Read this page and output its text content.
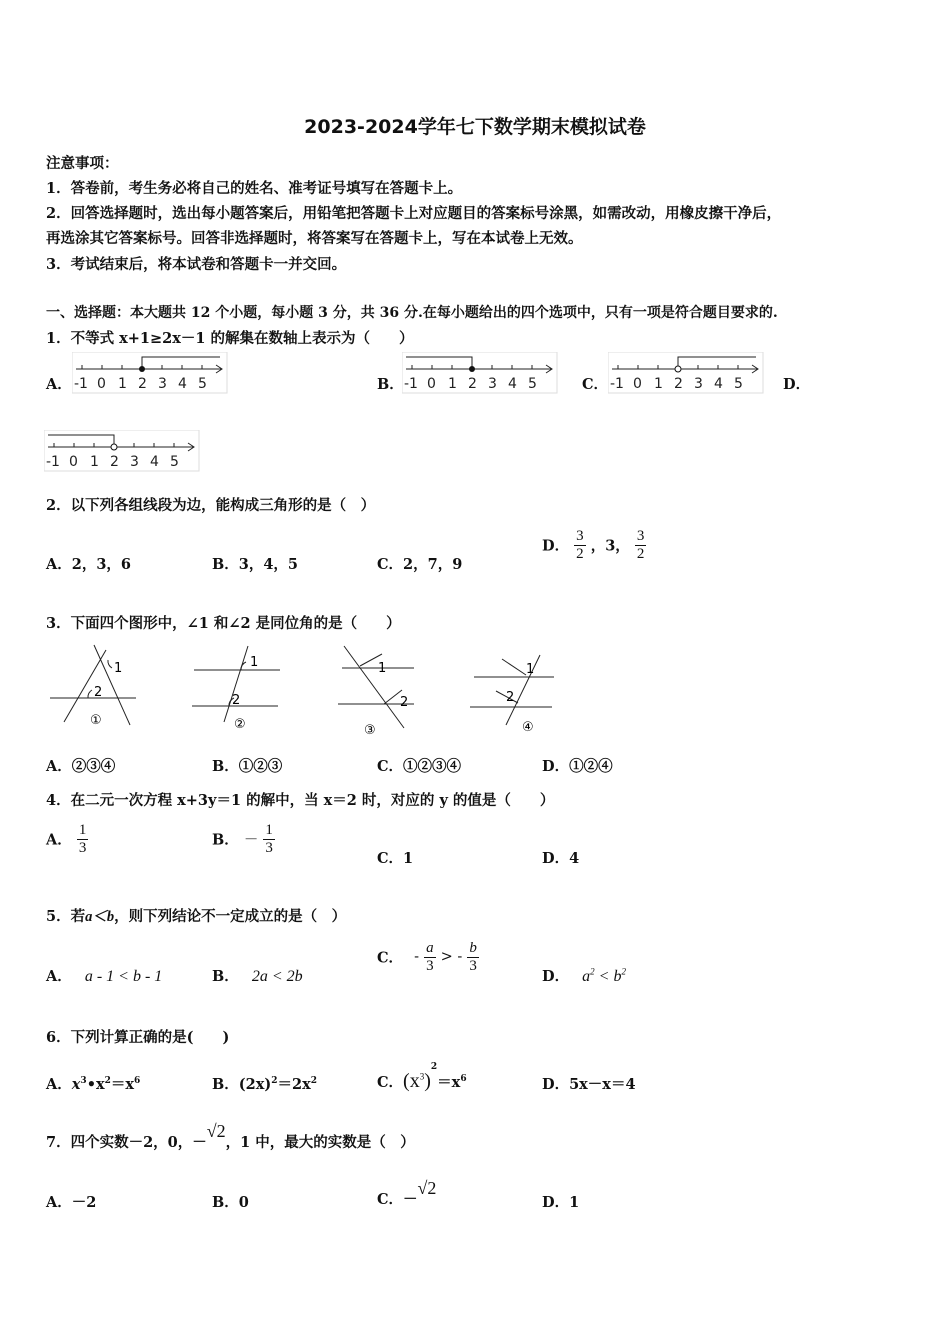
2023-2024学年七下数学期末模拟试卷
注意事项：
1．答卷前，考生务必将自己的姓名、准考证号填写在答题卡上。
2．回答选择题时，选出每小题答案后，用铅笔把答题卡上对应题目的答案标号涂黑，如需改动，用橡皮擦干净后，
再选涂其它答案标号。回答非选择题时，将答案写在答题卡上，写在本试卷上无效。
3．考试结束后，将本试卷和答题卡一并交回。
一、选择题：本大题共 12 个小题，每小题 3 分，共 36 分.在每小题给出的四个选项中，只有一项是符合题目要求的.
1．不等式 x+1≥2x－1 的解集在数轴上表示为（　　）
A． -1 0 1 2 3 4 5	B． -1 0 1 2 3 4 5	C． -1 0 1 2 3 4 5	D．
-1 0 1 2 3 4 5
2．以下列各组线段为边，能构成三角形的是（　）
A．2，3，6	B．3，4，5	C．2，7，9
D． $\frac{3}{2}$ ，3， $\frac{3}{2}$
3．下面四个图形中，∠1 和∠2 是同位角的是（　　）
1
2
①
1
2
②
1
2
③
1
2
④
A．②③④	B．①②③	C．①②③④	D．①②④
4．在二元一次方程 x+3y＝1 的解中，当 x＝2 时，对应的 y 的值是（　　）
A． $\frac{1}{3}$	B． － $\frac{1}{3}$
C．1	D．4
5．若a＜b，则下列结论不一定成立的是（　）
A． a - 1 < b - 1	B． 2a < 2b
C． - $\frac{a}{3}$ > - $\frac{b}{3}$
D． $a^2 < b^2$
6．下列计算正确的是(　　)
A．$x^3•x^2=x^6$	B．$(2x)^2=2x^2$	C．$(x^3)^2=x^6$	D．5x－x＝4
7．四个实数－2，0，－√2，1 中，最大的实数是（　）
A．－2	B．0	C．－√2
D．1
